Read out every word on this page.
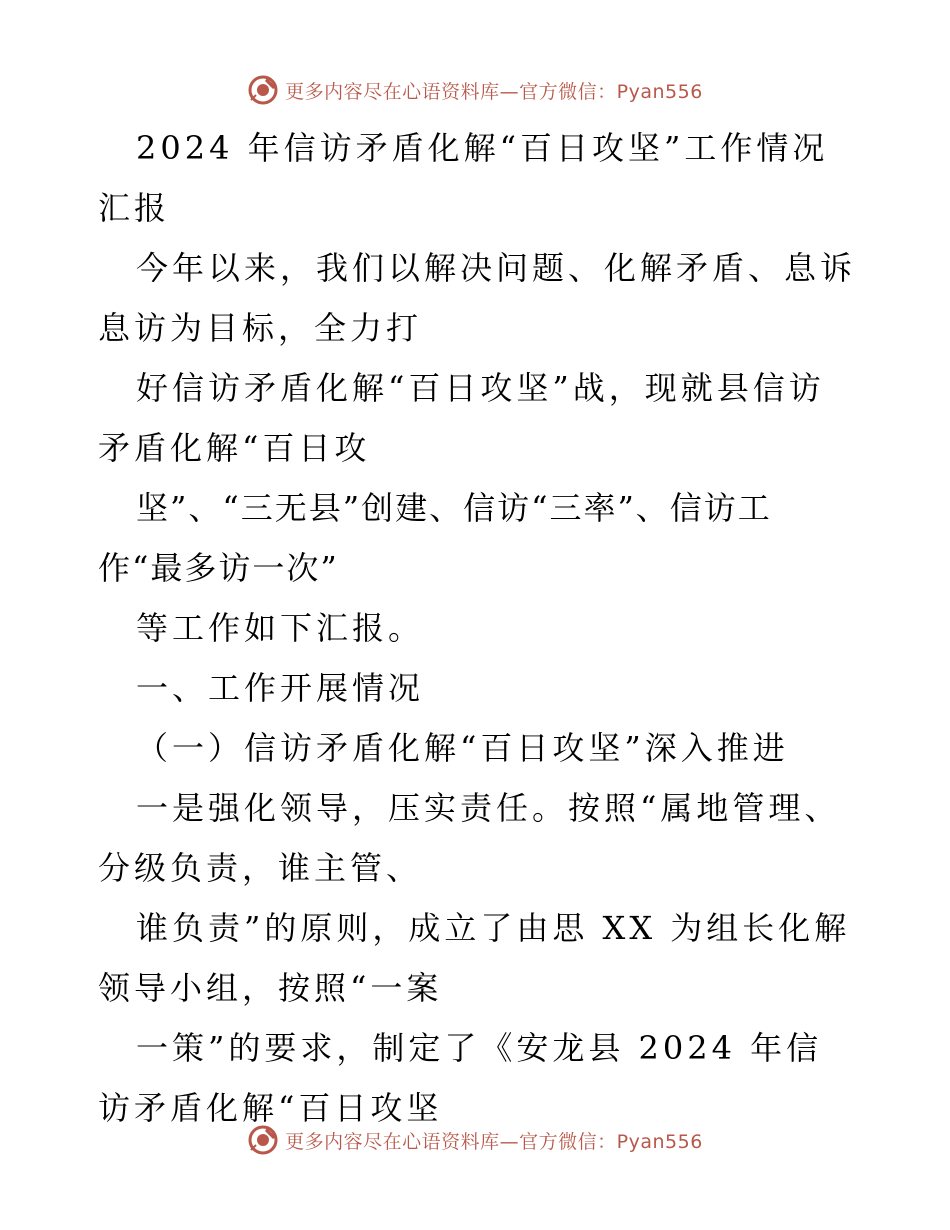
更多内容尽在心语资料库—官方微信：Pyan556

2024 年信访矛盾化解“百日攻坚”工作情况汇报

今年以来，我们以解决问题、化解矛盾、息诉息访为目标，全力打

好信访矛盾化解“百日攻坚”战，现就县信访矛盾化解“百日攻

坚”、“三无县”创建、信访“三率”、信访工作“最多访一次”

等工作如下汇报。

一、工作开展情况

（一）信访矛盾化解“百日攻坚”深入推进

一是强化领导，压实责任。按照“属地管理、分级负责，谁主管、

谁负责”的原则，成立了由思 XX 为组长化解领导小组，按照“一案

一策”的要求，制定了《安龙县 2024 年信访矛盾化解“百日攻坚

更多内容尽在心语资料库—官方微信：Pyan556
